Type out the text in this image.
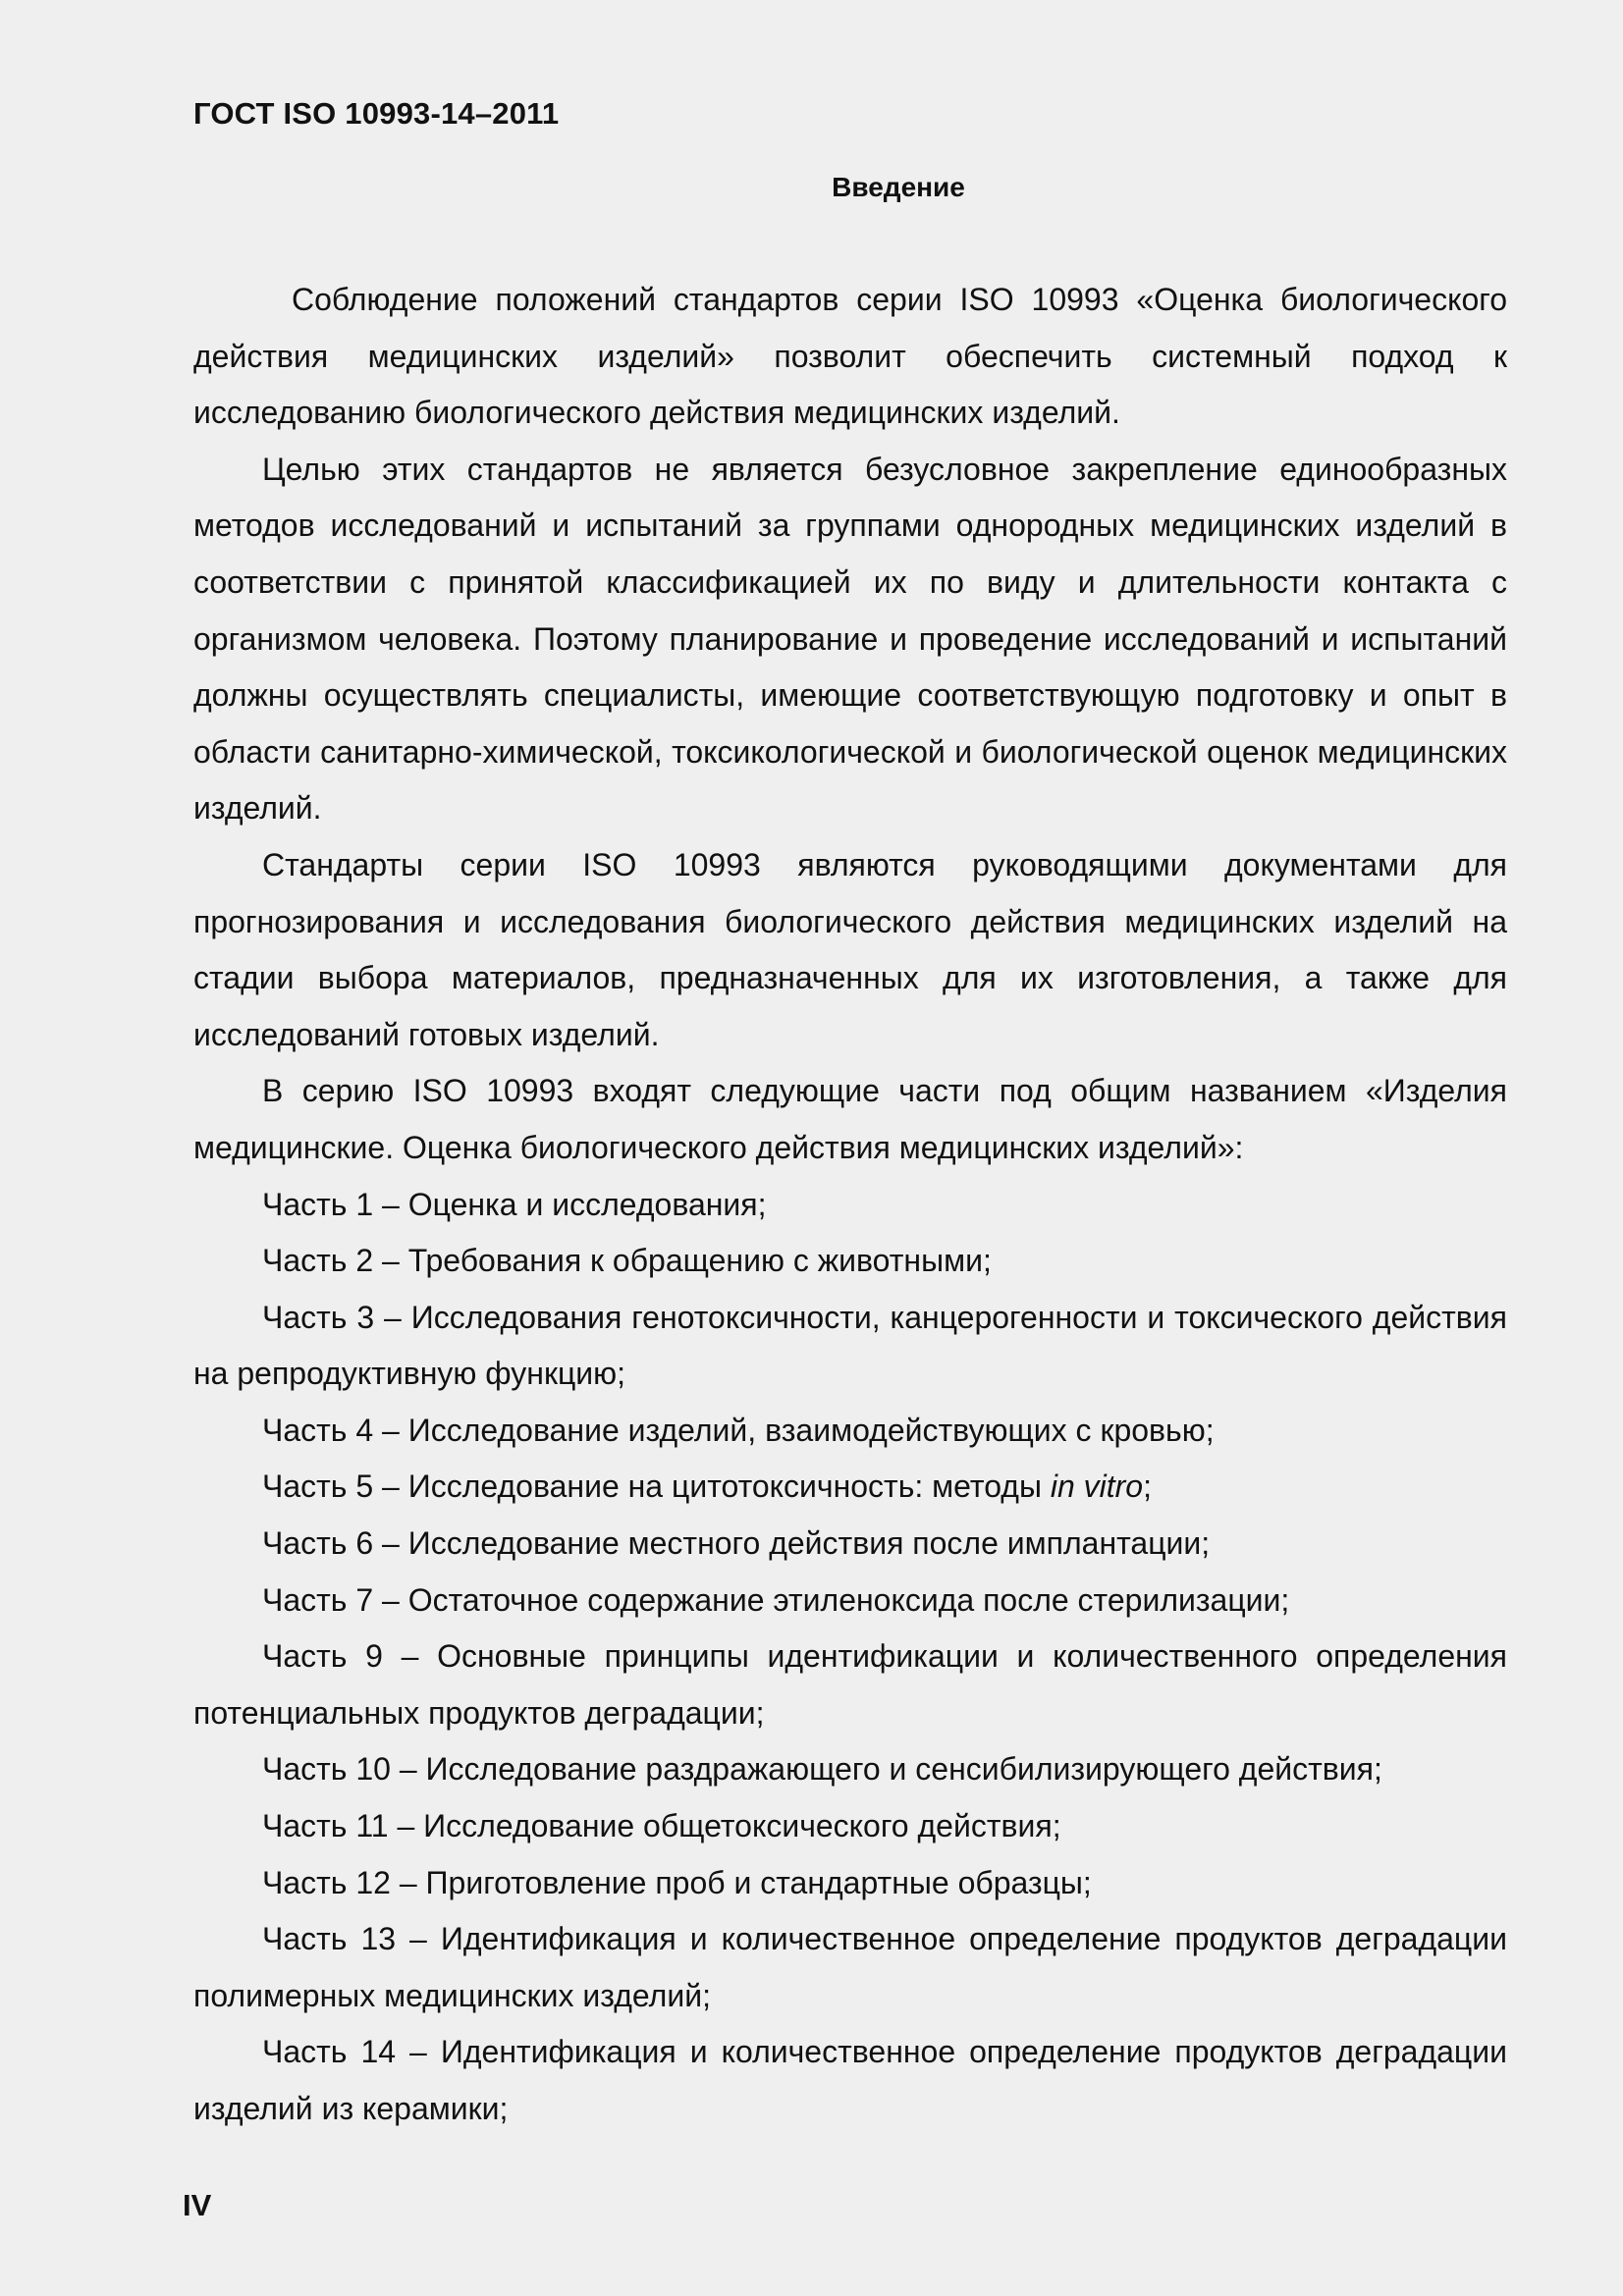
ГОСТ ISO 10993-14–2011
Введение

Соблюдение положений стандартов серии ISO 10993 «Оценка биологического действия медицинских изделий» позволит обеспечить системный подход к исследованию биологического действия медицинских изделий.

Целью этих стандартов не является безусловное закрепление единообразных методов исследований и испытаний за группами однородных медицинских изделий в соответствии с принятой классификацией их по виду и длительности контакта с организмом человека. Поэтому планирование и проведение исследований и испытаний должны осуществлять специалисты, имеющие соответствующую подготовку и опыт в области санитарно-химической, токсикологической и биологической оценок медицинских изделий.

Стандарты серии ISO 10993 являются руководящими документами для прогнозирования и исследования биологического действия медицинских изделий на стадии выбора материалов, предназначенных для их изготовления, а также для исследований готовых изделий.

В серию ISO 10993 входят следующие части под общим названием «Изделия медицинские. Оценка биологического действия медицинских изделий»:

Часть 1 – Оценка и исследования;

Часть 2 – Требования к обращению с животными;

Часть 3 – Исследования генотоксичности, канцерогенности и токсического действия на репродуктивную функцию;

Часть 4 – Исследование изделий, взаимодействующих с кровью;

Часть 5 – Исследование на цитотоксичность: методы in vitro;

Часть 6 – Исследование местного действия после имплантации;

Часть 7 – Остаточное содержание этиленоксида после стерилизации;

Часть 9 – Основные принципы идентификации и количественного определения потенциальных продуктов деградации;

Часть 10 – Исследование раздражающего и сенсибилизирующего действия;

Часть 11 – Исследование общетоксического действия;

Часть 12 – Приготовление проб и стандартные образцы;

Часть 13 – Идентификация и количественное определение продуктов деградации полимерных медицинских изделий;

Часть 14 – Идентификация и количественное определение продуктов деградации изделий из керамики;

IV
